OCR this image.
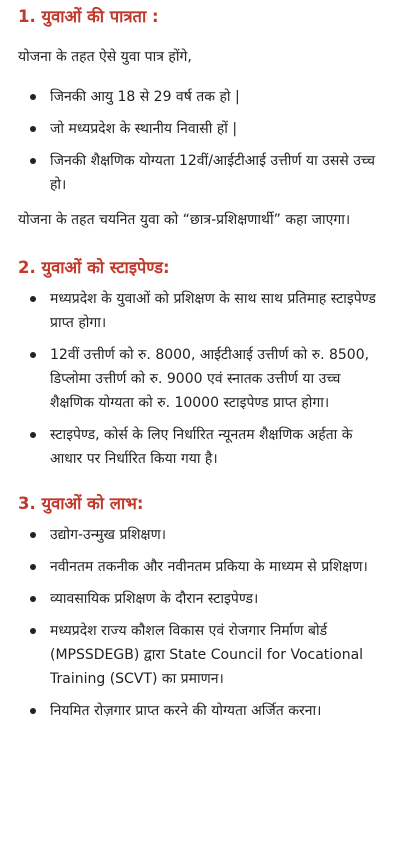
1. युवाओं की पात्रता :

योजना के तहत ऐसे युवा पात्र होंगे,

जिनकी आयु 18 से 29 वर्ष तक हो |
जो मध्यप्रदेश के स्थानीय निवासी हों |
जिनकी शैक्षणिक योग्यता 12वीं/आईटीआई उत्तीर्ण या उससे उच्च हो।

योजना के तहत चयनित युवा को “छात्र-प्रशिक्षणार्थी” कहा जाएगा।

2. युवाओं को स्टाइपेण्ड:
मध्यप्रदेश के युवाओं को प्रशिक्षण के साथ साथ प्रतिमाह स्टाइपेण्ड प्राप्त होगा।
12वीं उत्तीर्ण को रु. 8000, आईटीआई उत्तीर्ण को रु. 8500, डिप्लोमा उत्तीर्ण को रु. 9000 एवं स्नातक उत्तीर्ण या उच्च शैक्षणिक योग्यता को रु. 10000 स्टाइपेण्ड प्राप्त होगा।
स्टाइपेण्ड, कोर्स के लिए निर्धारित न्यूनतम शैक्षणिक अर्हता के आधार पर निर्धारित किया गया है।
3. युवाओं को लाभ:
उद्योग-उन्मुख प्रशिक्षण।
नवीनतम तकनीक और नवीनतम प्रकिया के माध्यम से प्रशिक्षण।
व्यावसायिक प्रशिक्षण के दौरान स्टाइपेण्ड।
मध्यप्रदेश राज्य कौशल विकास एवं रोजगार निर्माण बोर्ड (MPSSDEGB) द्वारा State Council for Vocational Training (SCVT) का प्रमाणन।
नियमित रोज़गार प्राप्त करने की योग्यता अर्जित करना।
